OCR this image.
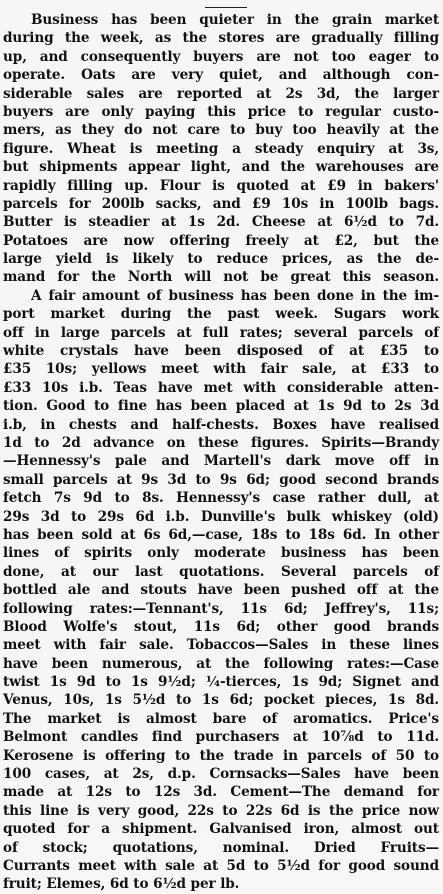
Business has been quieter in the grain market
during the week, as the stores are gradually filling
up, and consequently buyers are not too eager to
operate. Oats are very quiet, and although con-
siderable sales are reported at 2s 3d, the larger
buyers are only paying this price to regular custo-
mers, as they do not care to buy too heavily at the
figure. Wheat is meeting a steady enquiry at 3s,
but shipments appear light, and the warehouses are
rapidly filling up. Flour is quoted at £9 in bakers'
parcels for 200lb sacks, and £9 10s in 100lb bags.
Butter is steadier at 1s 2d. Cheese at 6½d to 7d.
Potatoes are now offering freely at £2, but the
large yield is likely to reduce prices, as the de-
mand for the North will not be great this season.
A fair amount of business has been done in the im-
port market during the past week. Sugars work
off in large parcels at full rates; several parcels of
white crystals have been disposed of at £35 to
£35 10s; yellows meet with fair sale, at £33 to
£33 10s i.b. Teas have met with considerable atten-
tion. Good to fine has been placed at 1s 9d to 2s 3d
i.b, in chests and half-chests. Boxes have realised
1d to 2d advance on these figures. Spirits—Brandy
—Hennessy's pale and Martell's dark move off in
small parcels at 9s 3d to 9s 6d; good second brands
fetch 7s 9d to 8s. Hennessy's case rather dull, at
29s 3d to 29s 6d i.b. Dunville's bulk whiskey (old)
has been sold at 6s 6d,—case, 18s to 18s 6d. In other
lines of spirits only moderate business has been
done, at our last quotations. Several parcels of
bottled ale and stouts have been pushed off at the
following rates:—Tennant's, 11s 6d; Jeffrey's, 11s;
Blood Wolfe's stout, 11s 6d; other good brands
meet with fair sale. Tobaccos—Sales in these lines
have been numerous, at the following rates:—Case
twist 1s 9d to 1s 9½d; ¼-tierces, 1s 9d; Signet and
Venus, 10s, 1s 5½d to 1s 6d; pocket pieces, 1s 8d.
The market is almost bare of aromatics. Price's
Belmont candles find purchasers at 10⅞d to 11d.
Kerosene is offering to the trade in parcels of 50 to
100 cases, at 2s, d.p. Cornsacks—Sales have been
made at 12s to 12s 3d. Cement—The demand for
this line is very good, 22s to 22s 6d is the price now
quoted for a shipment. Galvanised iron, almost out
of stock; quotations, nominal. Dried Fruits—
Currants meet with sale at 5d to 5½d for good sound
fruit; Elemes, 6d to 6½d per lb.
